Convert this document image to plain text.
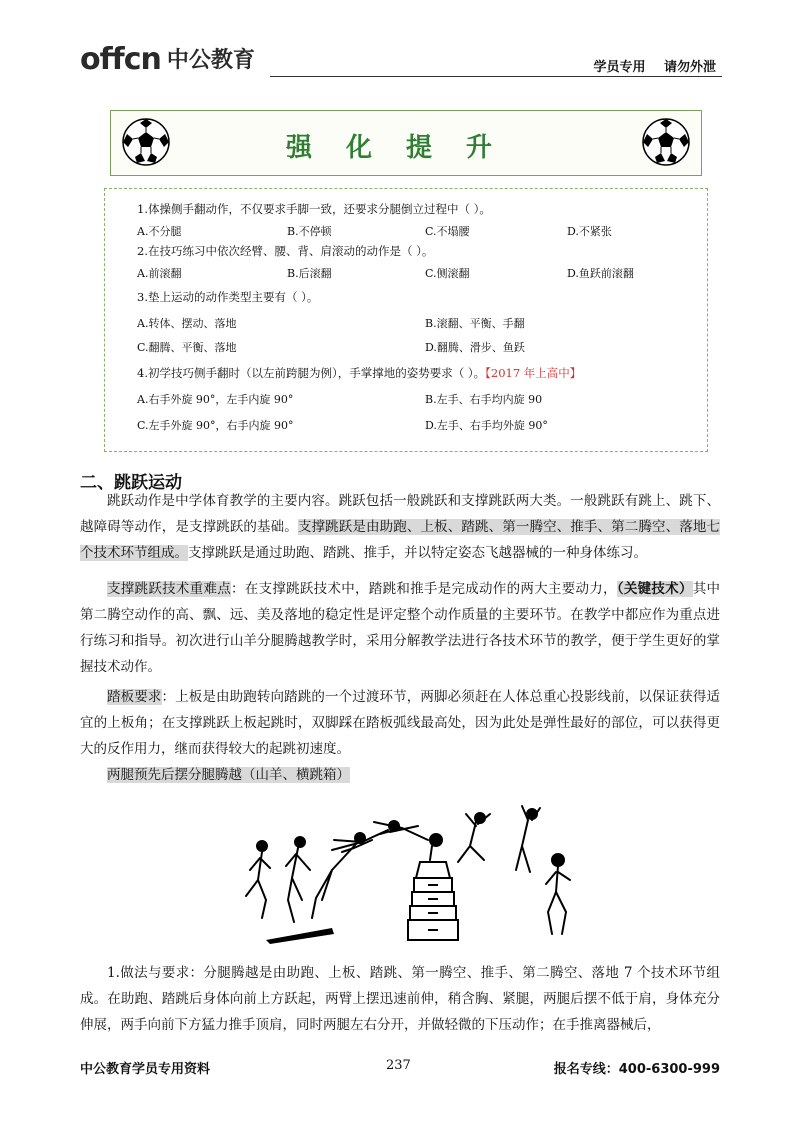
offcn 中公教育	学员专用 请勿外泄
强化提升
1.体操侧手翻动作，不仅要求手脚一致，还要求分腿倒立过程中（ ）。
A.不分腿	B.不停顿	C.不塌腰	D.不紧张
2.在技巧练习中依次经臂、腰、背、肩滚动的动作是（ ）。
A.前滚翻	B.后滚翻	C.侧滚翻	D.鱼跃前滚翻
3.垫上运动的动作类型主要有（ ）。
A.转体、摆动、落地	B.滚翻、平衡、手翻
C.翻腾、平衡、落地	D.翻腾、滑步、鱼跃
4.初学技巧侧手翻时（以左前跨腿为例），手掌撑地的姿势要求（ ）。【2017 年上高中】
A.右手外旋 90°，左手内旋 90°	B.左手、右手均内旋 90
C.左手外旋 90°，右手内旋 90°	D.左手、右手均外旋 90°
二、跳跃运动
跳跃动作是中学体育教学的主要内容。跳跃包括一般跳跃和支撑跳跃两大类。一般跳跃有跳上、跳下、越障碍等动作，是支撑跳跃的基础。支撑跳跃是由助跑、上板、踏跳、第一腾空、推手、第二腾空、落地七个技术环节组成。支撑跳跃是通过助跑、踏跳、推手，并以特定姿态飞越器械的一种身体练习。
支撑跳跃技术重难点：在支撑跳跃技术中，踏跳和推手是完成动作的两大主要动力，（关键技术）其中第二腾空动作的高、飘、远、美及落地的稳定性是评定整个动作质量的主要环节。在教学中都应作为重点进行练习和指导。初次进行山羊分腿腾越教学时，采用分解教学法进行各技术环节的教学，便于学生更好的掌握技术动作。
踏板要求：上板是由助跑转向踏跳的一个过渡环节，两脚必须赶在人体总重心投影线前，以保证获得适宜的上板角；在支撑跳跃上板起跳时，双脚踩在踏板弧线最高处，因为此处是弹性最好的部位，可以获得更大的反作用力，继而获得较大的起跳初速度。
两腿预先后摆分腿腾越（山羊、横跳箱）
1.做法与要求：分腿腾越是由助跑、上板、踏跳、第一腾空、推手、第二腾空、落地 7 个技术环节组成。在助跑、踏跳后身体向前上方跃起，两臂上摆迅速前伸，稍含胸、紧腿，两腿后摆不低于肩，身体充分伸展，两手向前下方猛力推手顶肩，同时两腿左右分开，并做轻微的下压动作；在手推离器械后，
中公教育学员专用资料	237	报名专线：400-6300-999
